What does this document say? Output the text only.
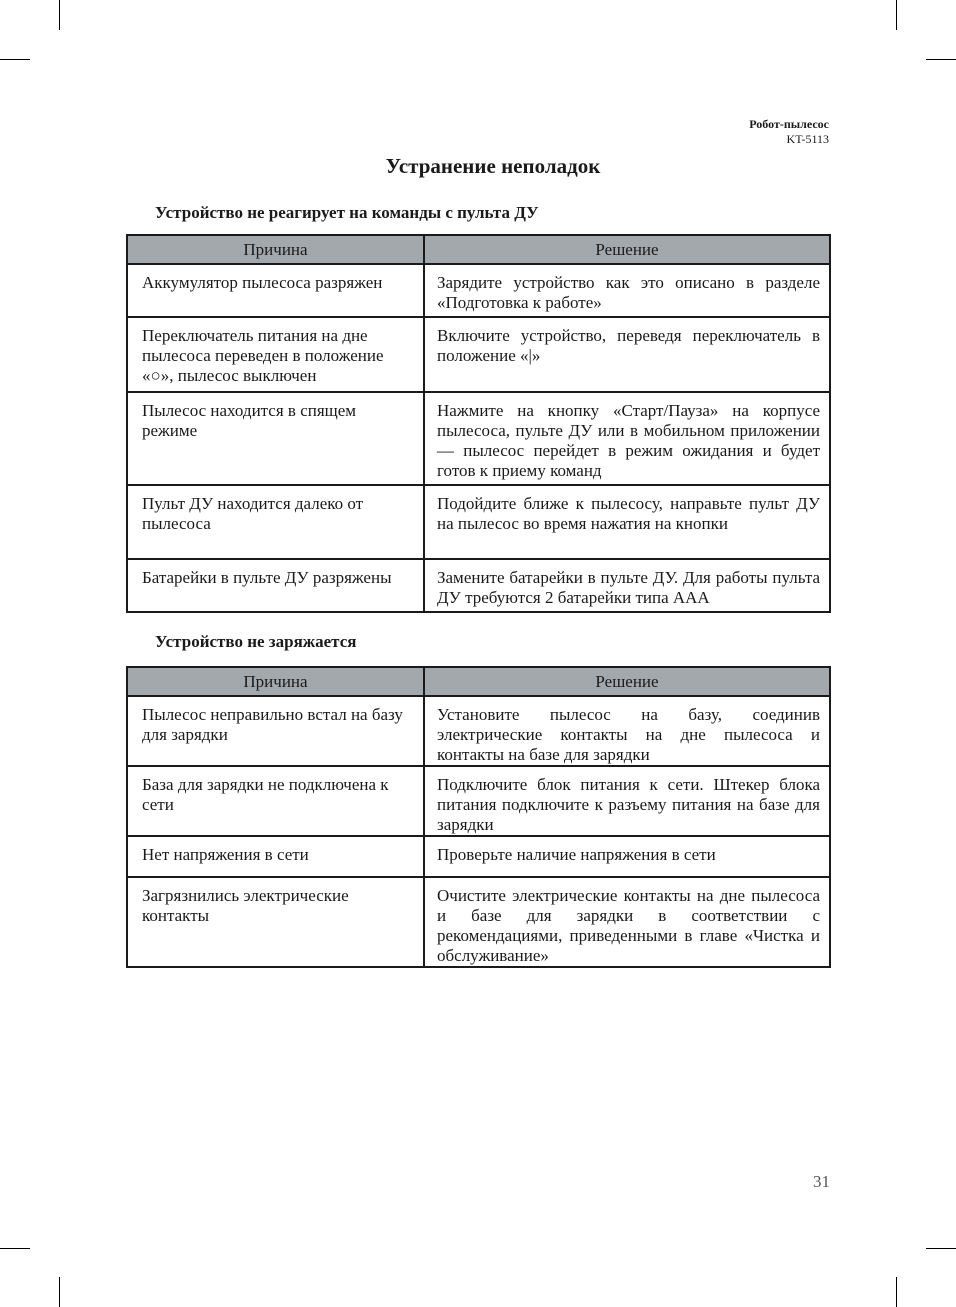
Робот-пылесос
KT-5113
Устранение неполадок
Устройство не реагирует на команды с пульта ДУ
Причина	Решение
Аккумулятор пылесоса разряжен	Зарядите устройство как это описано в разделе «Подготовка к работе»
Переключатель питания на дне пылесоса переведен в положение «○», пылесос выключен	Включите устройство, переведя переключатель в положение «|»
Пылесос находится в спящем режиме	Нажмите на кнопку «Старт/Пауза» на корпусе пылесоса, пульте ДУ или в мобильном приложении — пылесос перейдет в режим ожидания и будет готов к приему команд
Пульт ДУ находится далеко от пылесоса	Подойдите ближе к пылесосу, направьте пульт ДУ на пылесос во время нажатия на кнопки
Батарейки в пульте ДУ разряжены	Замените батарейки в пульте ДУ. Для работы пульта ДУ требуются 2 батарейки типа AAA
Устройство не заряжается
Причина	Решение
Пылесос неправильно встал на базу для зарядки	Установите пылесос на базу, соединив электрические контакты на дне пылесоса и контакты на базе для зарядки
База для зарядки не подключена к сети	Подключите блок питания к сети. Штекер блока питания подключите к разъему питания на базе для зарядки
Нет напряжения в сети	Проверьте наличие напряжения в сети
Загрязнились электрические контакты	Очистите электрические контакты на дне пылесоса и базе для зарядки в соответствии с рекомендациями, приведенными в главе «Чистка и обслуживание»
31
